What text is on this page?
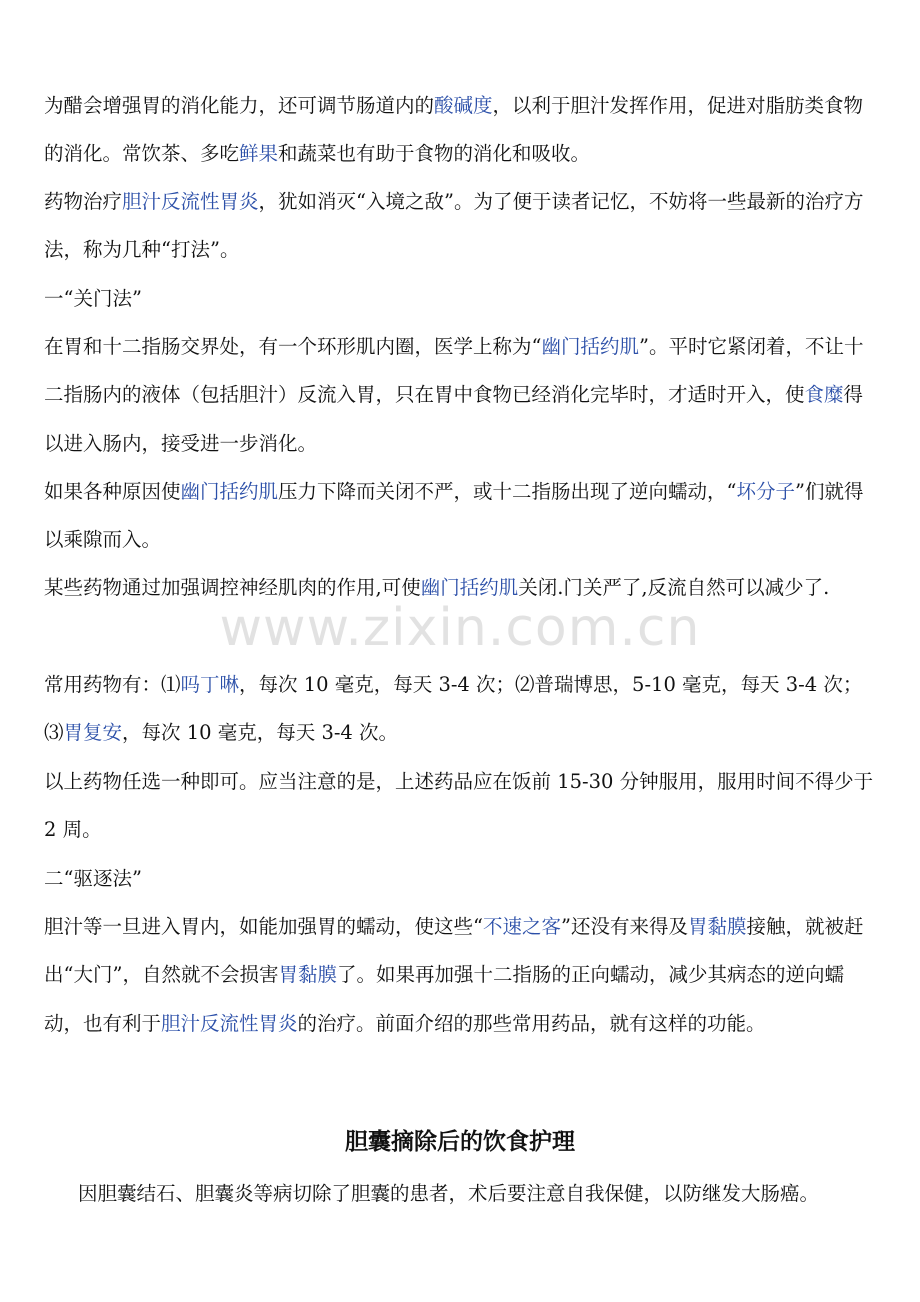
为醋会增强胃的消化能力，还可调节肠道内的酸碱度，以利于胆汁发挥作用，促进对脂肪类食物的消化。常饮茶、多吃鲜果和蔬菜也有助于食物的消化和吸收。

药物治疗胆汁反流性胃炎，犹如消灭“入境之敌”。为了便于读者记忆，不妨将一些最新的治疗方法，称为几种“打法”。

一“关门法”

在胃和十二指肠交界处，有一个环形肌内圈，医学上称为“幽门括约肌”。平时它紧闭着，不让十二指肠内的液体（包括胆汁）反流入胃，只在胃中食物已经消化完毕时，才适时开入，使食糜得以进入肠内，接受进一步消化。

如果各种原因使幽门括约肌压力下降而关闭不严，或十二指肠出现了逆向蠕动，“坏分子”们就得以乘隙而入。

某些药物通过加强调控神经肌肉的作用,可使幽门括约肌关闭.门关严了,反流自然可以减少了.

常用药物有：⑴吗丁啉，每次 10 毫克，每天 3-4 次；⑵普瑞博思，5-10 毫克，每天 3-4 次；⑶胃复安，每次 10 毫克，每天 3-4 次。

以上药物任选一种即可。应当注意的是，上述药品应在饭前 15-30 分钟服用，服用时间不得少于 2 周。

二“驱逐法”

胆汁等一旦进入胃内，如能加强胃的蠕动，使这些“不速之客”还没有来得及胃黏膜接触，就被赶出“大门”，自然就不会损害胃黏膜了。如果再加强十二指肠的正向蠕动，减少其病态的逆向蠕动，也有利于胆汁反流性胃炎的治疗。前面介绍的那些常用药品，就有这样的功能。

www.zixin.com.cn
胆囊摘除后的饮食护理

因胆囊结石、胆囊炎等病切除了胆囊的患者，术后要注意自我保健，以防继发大肠癌。
